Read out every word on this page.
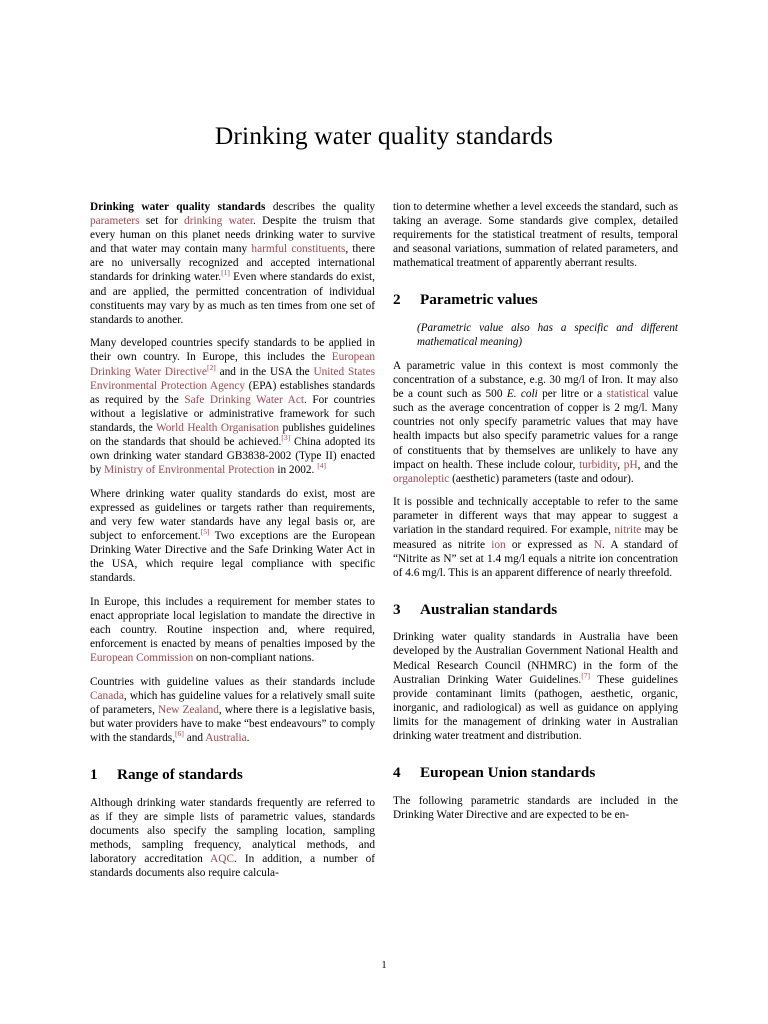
Drinking water quality standards

Drinking water quality standards describes the quality parameters set for drinking water. Despite the truism that every human on this planet needs drinking water to survive and that water may contain many harmful constituents, there are no universally recognized and accepted international standards for drinking water.[1] Even where standards do exist, and are applied, the permitted concentration of individual constituents may vary by as much as ten times from one set of standards to another.

Many developed countries specify standards to be applied in their own country. In Europe, this includes the European Drinking Water Directive[2] and in the USA the United States Environmental Protection Agency (EPA) establishes standards as required by the Safe Drinking Water Act. For countries without a legislative or administrative framework for such standards, the World Health Organisation publishes guidelines on the standards that should be achieved.[3] China adopted its own drinking water standard GB3838-2002 (Type II) enacted by Ministry of Environmental Protection in 2002. [4]

Where drinking water quality standards do exist, most are expressed as guidelines or targets rather than requirements, and very few water standards have any legal basis or, are subject to enforcement.[5] Two exceptions are the European Drinking Water Directive and the Safe Drinking Water Act in the USA, which require legal compliance with specific standards.

In Europe, this includes a requirement for member states to enact appropriate local legislation to mandate the directive in each country. Routine inspection and, where required, enforcement is enacted by means of penalties imposed by the European Commission on non-compliant nations.

Countries with guideline values as their standards include Canada, which has guideline values for a relatively small suite of parameters, New Zealand, where there is a legislative basis, but water providers have to make “best endeavours” to comply with the standards,[6] and Australia.

1 Range of standards

Although drinking water standards frequently are referred to as if they are simple lists of parametric values, standards documents also specify the sampling location, sampling methods, sampling frequency, analytical methods, and laboratory accreditation AQC. In addition, a number of standards documents also require calcula-

tion to determine whether a level exceeds the standard, such as taking an average. Some standards give complex, detailed requirements for the statistical treatment of results, temporal and seasonal variations, summation of related parameters, and mathematical treatment of apparently aberrant results.

2 Parametric values

(Parametric value also has a specific and different mathematical meaning)

A parametric value in this context is most commonly the concentration of a substance, e.g. 30 mg/l of Iron. It may also be a count such as 500 E. coli per litre or a statistical value such as the average concentration of copper is 2 mg/l. Many countries not only specify parametric values that may have health impacts but also specify parametric values for a range of constituents that by themselves are unlikely to have any impact on health. These include colour, turbidity, pH, and the organoleptic (aesthetic) parameters (taste and odour).

It is possible and technically acceptable to refer to the same parameter in different ways that may appear to suggest a variation in the standard required. For example, nitrite may be measured as nitrite ion or expressed as N. A standard of “Nitrite as N” set at 1.4 mg/l equals a nitrite ion concentration of 4.6 mg/l. This is an apparent difference of nearly threefold.

3 Australian standards

Drinking water quality standards in Australia have been developed by the Australian Government National Health and Medical Research Council (NHMRC) in the form of the Australian Drinking Water Guidelines.[7] These guidelines provide contaminant limits (pathogen, aesthetic, organic, inorganic, and radiological) as well as guidance on applying limits for the management of drinking water in Australian drinking water treatment and distribution.

4 European Union standards

The following parametric standards are included in the Drinking Water Directive and are expected to be en-

1
